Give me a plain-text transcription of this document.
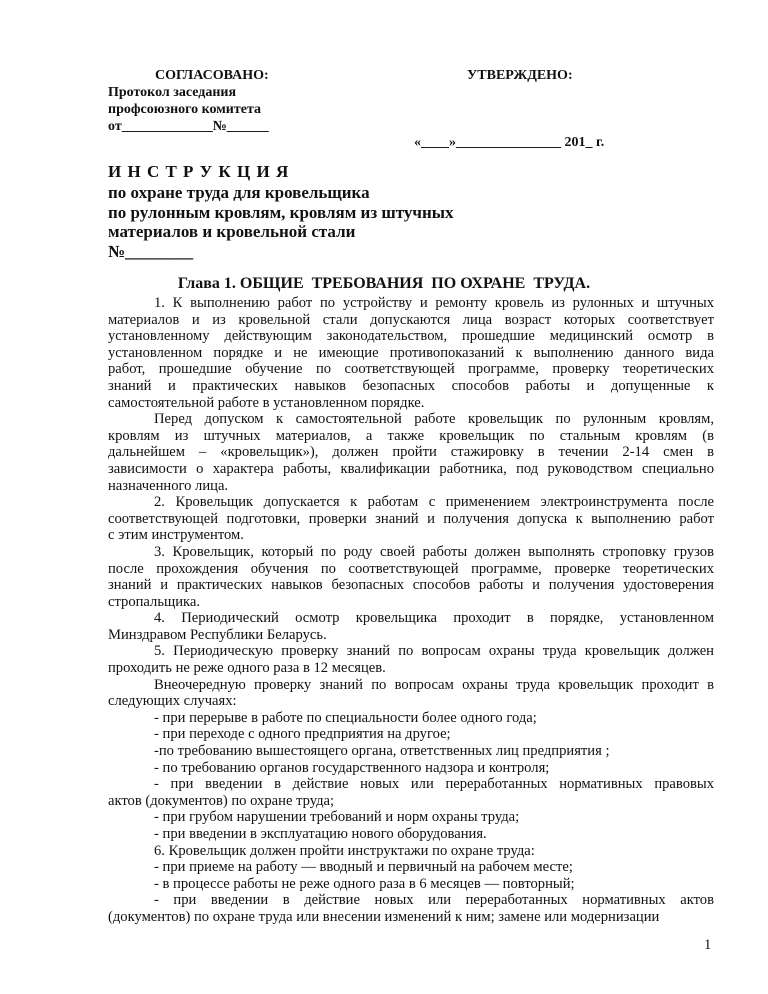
СОГЛАСОВАНО:
Протокол заседания
профсоюзного комитета
от_____________№______
УТВЕРЖДЕНО:
«____»_______________ 201_ г.
И Н С Т Р У К Ц И Я
по охране труда для кровельщика
по рулонным кровлям, кровлям из штучных
материалов и кровельной стали
№________
Глава 1. ОБЩИЕ  ТРЕБОВАНИЯ  ПО ОХРАНЕ  ТРУДА.
1. К выполнению работ по устройству и ремонту кровель из рулонных и штучных
материалов и из кровельной стали допускаются лица возраст которых соответствует
установленному действующим законодательством, прошедшие медицинский осмотр в
установленном порядке и не имеющие противопоказаний к выполнению данного вида
работ, прошедшие обучение по соответствующей программе, проверку теоретических
знаний и практических навыков безопасных способов работы и допущенные к
самостоятельной работе в установленном порядке.
Перед допуском к самостоятельной работе кровельщик по рулонным кровлям,
кровлям из штучных материалов, а также кровельщик по стальным кровлям (в
дальнейшем – «кровельщик»), должен пройти стажировку в течении 2-14 смен в
зависимости о характера работы, квалификации работника, под руководством специально
назначенного лица.
2. Кровельщик допускается к работам с применением электроинструмента после
соответствующей подготовки, проверки знаний и получения допуска к выполнению работ
с этим инструментом.
3. Кровельщик, который по роду своей работы должен выполнять строповку грузов
после прохождения обучения по соответствующей программе, проверке теоретических
знаний и практических навыков безопасных способов работы и получения удостоверения
стропальщика.
4. Периодический осмотр кровельщика проходит в порядке, установленном
Минздравом Республики Беларусь.
5. Периодическую проверку знаний по вопросам охраны труда кровельщик должен
проходить не реже одного раза в 12 месяцев.
Внеочередную проверку знаний по вопросам охраны труда кровельщик проходит в
следующих случаях:
- при перерыве в работе по специальности более одного года;
- при переходе с одного предприятия на другое;
-по требованию вышестоящего органа, ответственных лиц предприятия ;
- по требованию органов государственного надзора и контроля;
- при введении в действие новых или переработанных нормативных правовых
актов (документов) по охране труда;
- при грубом нарушении требований и норм охраны труда;
- при введении в эксплуатацию нового оборудования.
6. Кровельщик должен пройти инструктажи по охране труда:
- при приеме на работу — вводный и первичный на рабочем месте;
- в процессе работы не реже одного раза в 6 месяцев — повторный;
- при введении в действие новых или переработанных нормативных актов
(документов) по охране труда или внесении изменений к ним; замене или модернизации
1
